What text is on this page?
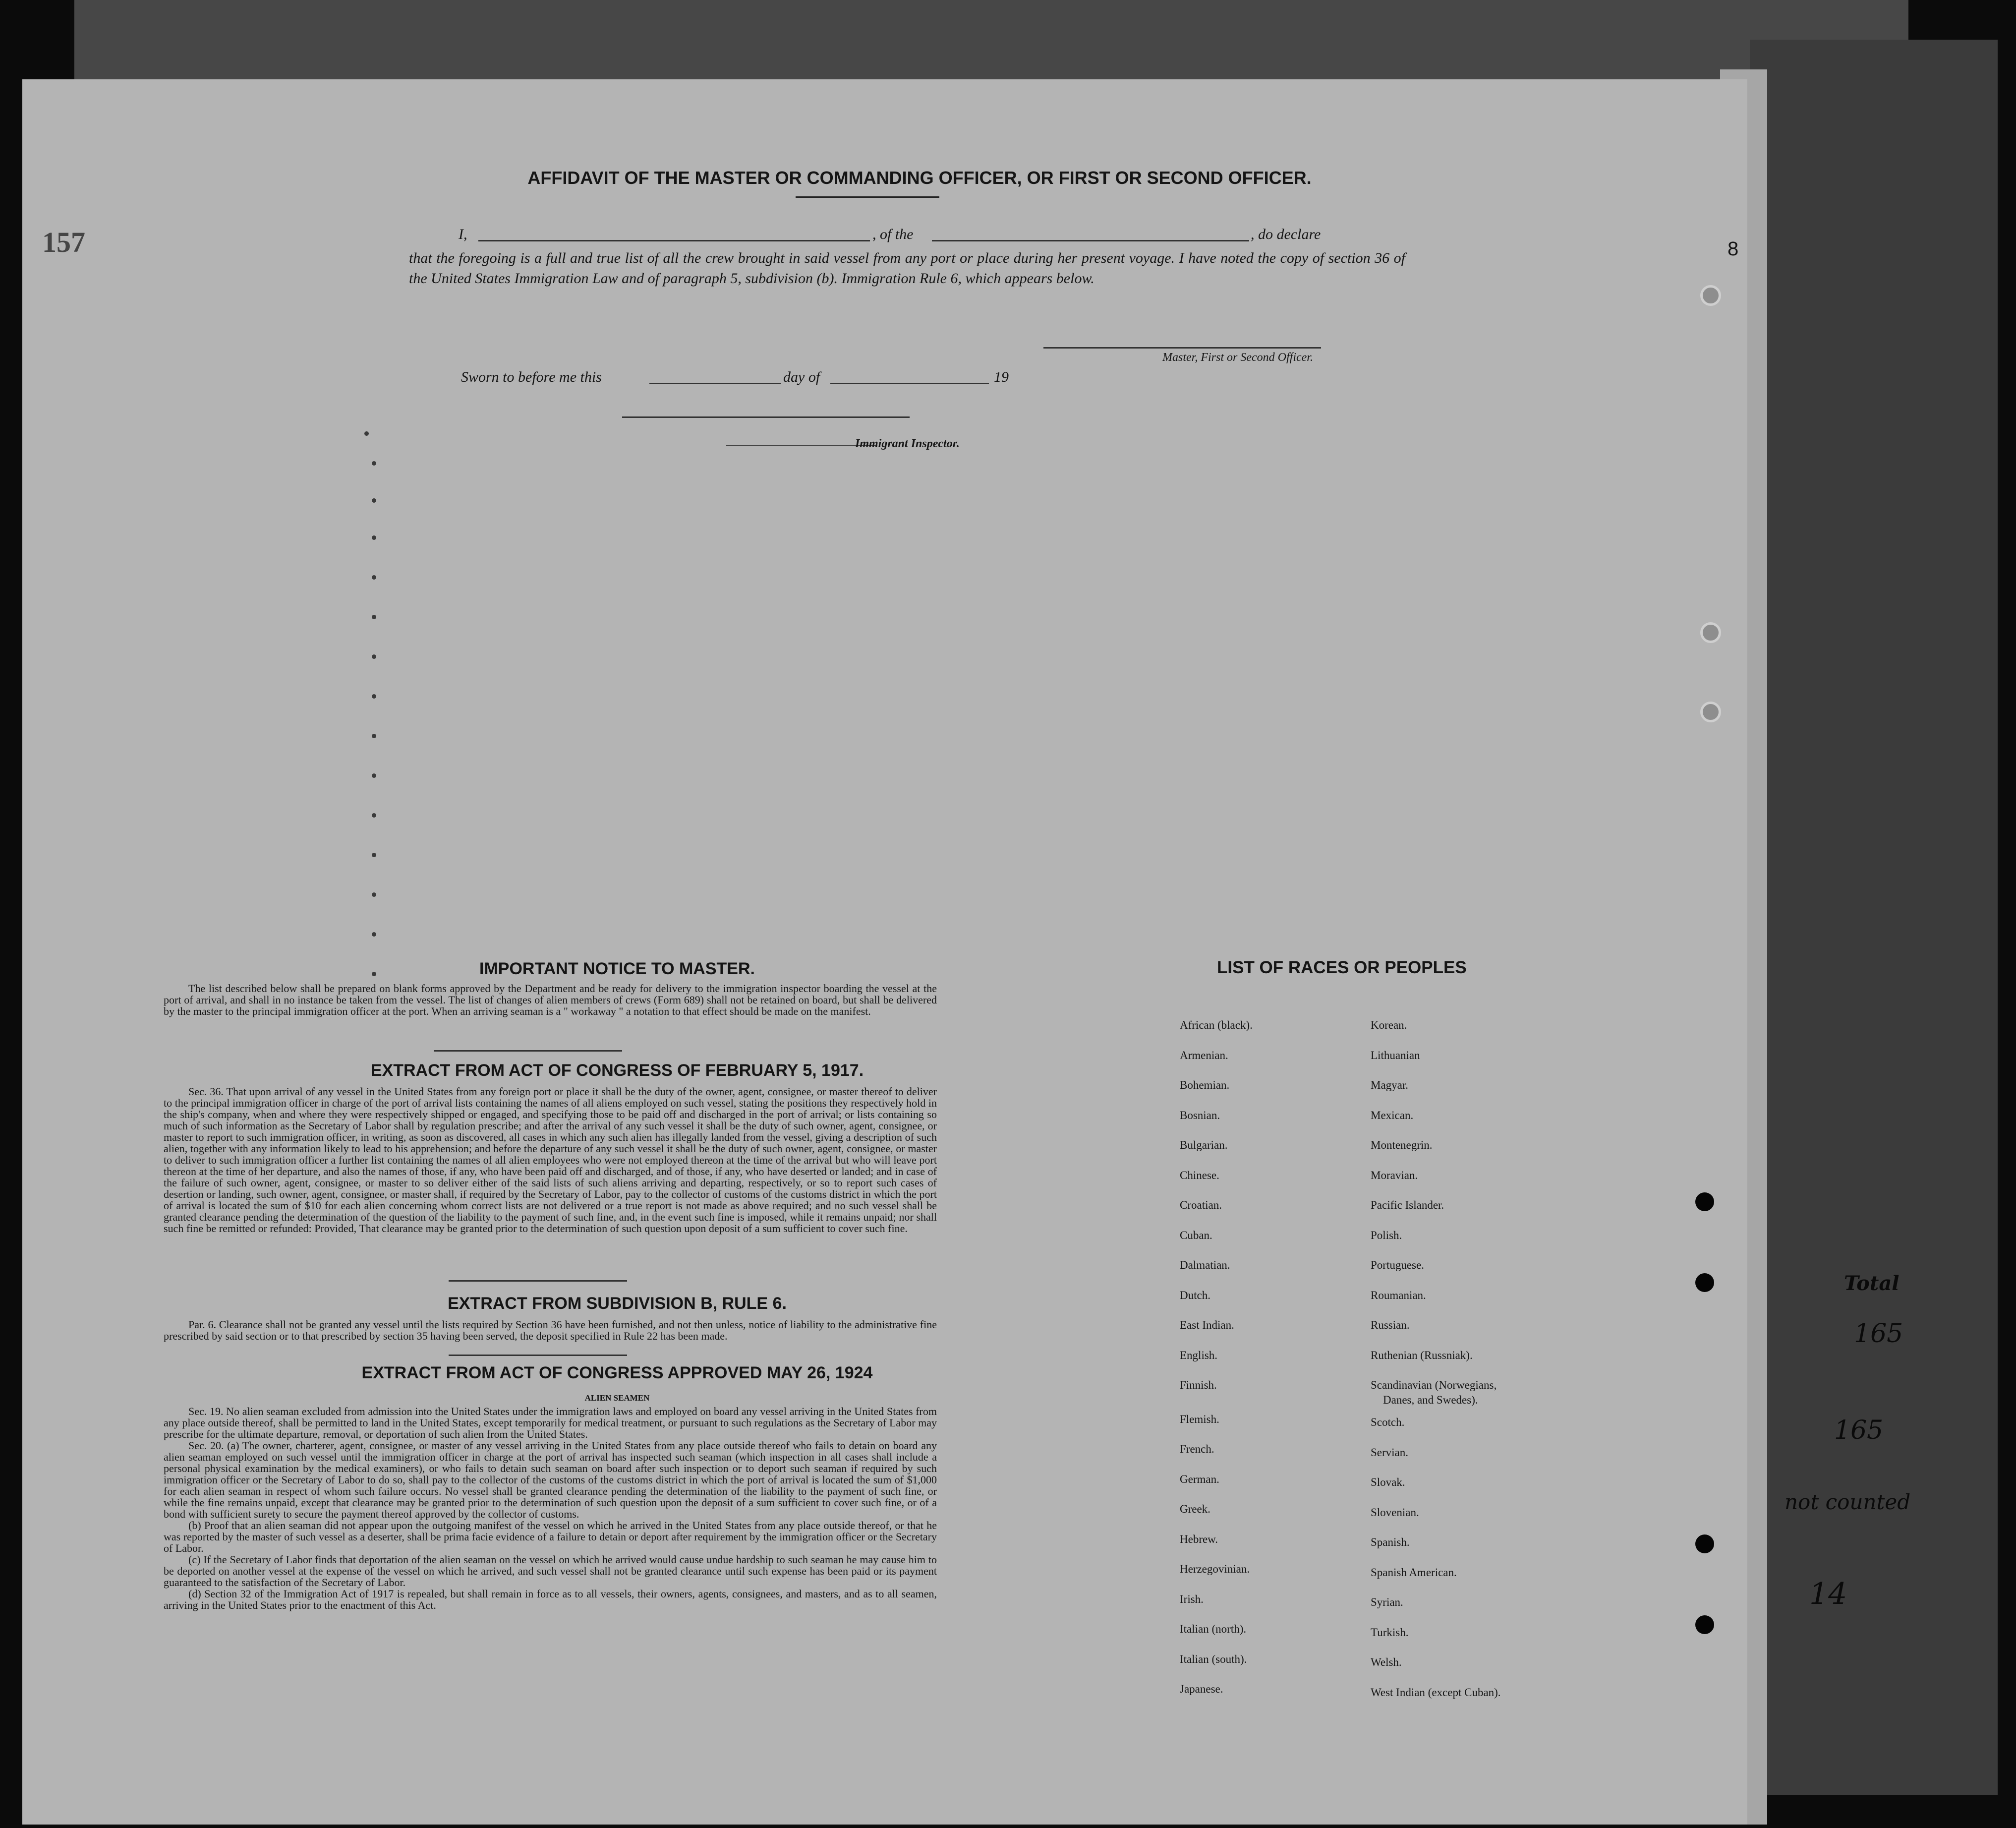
157	8
AFFIDAVIT OF THE MASTER OR COMMANDING OFFICER, OR FIRST OR SECOND OFFICER.
I,	, of the	, do declare
that the foregoing is a full and true list of all the crew brought in said vessel from any port or place during her present voyage. I have noted the copy of section 36 of the United States Immigration Law and of paragraph 5, subdivision (b). Immigration Rule 6, which appears below.
Master, First or Second Officer.
Sworn to before me this	day of	19
Immigrant Inspector.
IMPORTANT NOTICE TO MASTER.

The list described below shall be prepared on blank forms approved by the Department and be ready for delivery to the immigration inspector boarding the vessel at the port of arrival, and shall in no instance be taken from the vessel. The list of changes of alien members of crews (Form 689) shall not be retained on board, but shall be delivered by the master to the principal immigration officer at the port. When an arriving seaman is a " workaway " a notation to that effect should be made on the manifest.

EXTRACT FROM ACT OF CONGRESS OF FEBRUARY 5, 1917.

Sec. 36. That upon arrival of any vessel in the United States from any foreign port or place it shall be the duty of the owner, agent, consignee, or master thereof to deliver to the principal immigration officer in charge of the port of arrival lists containing the names of all aliens employed on such vessel, stating the positions they respectively hold in the ship's company, when and where they were respectively shipped or engaged, and specifying those to be paid off and discharged in the port of arrival; or lists containing so much of such information as the Secretary of Labor shall by regulation prescribe; and after the arrival of any such vessel it shall be the duty of such owner, agent, consignee, or master to report to such immigration officer, in writing, as soon as discovered, all cases in which any such alien has illegally landed from the vessel, giving a description of such alien, together with any information likely to lead to his apprehension; and before the departure of any such vessel it shall be the duty of such owner, agent, consignee, or master to deliver to such immigration officer a further list containing the names of all alien employees who were not employed thereon at the time of the arrival but who will leave port thereon at the time of her departure, and also the names of those, if any, who have been paid off and discharged, and of those, if any, who have deserted or landed; and in case of the failure of such owner, agent, consignee, or master to so deliver either of the said lists of such aliens arriving and departing, respectively, or so to report such cases of desertion or landing, such owner, agent, consignee, or master shall, if required by the Secretary of Labor, pay to the collector of customs of the customs district in which the port of arrival is located the sum of $10 for each alien concerning whom correct lists are not delivered or a true report is not made as above required; and no such vessel shall be granted clearance pending the determination of the question of the liability to the payment of such fine, and, in the event such fine is imposed, while it remains unpaid; nor shall such fine be remitted or refunded: Provided, That clearance may be granted prior to the determination of such question upon deposit of a sum sufficient to cover such fine.

EXTRACT FROM SUBDIVISION B, RULE 6.

Par. 6. Clearance shall not be granted any vessel until the lists required by Section 36 have been furnished, and not then unless, notice of liability to the administrative fine prescribed by said section or to that prescribed by section 35 having been served, the deposit specified in Rule 22 has been made.

EXTRACT FROM ACT OF CONGRESS APPROVED MAY 26, 1924
ALIEN SEAMEN

Sec. 19. No alien seaman excluded from admission into the United States under the immigration laws and employed on board any vessel arriving in the United States from any place outside thereof, shall be permitted to land in the United States, except temporarily for medical treatment, or pursuant to such regulations as the Secretary of Labor may prescribe for the ultimate departure, removal, or deportation of such alien from the United States.

Sec. 20. (a) The owner, charterer, agent, consignee, or master of any vessel arriving in the United States from any place outside thereof who fails to detain on board any alien seaman employed on such vessel until the immigration officer in charge at the port of arrival has inspected such seaman (which inspection in all cases shall include a personal physical examination by the medical examiners), or who fails to detain such seaman on board after such inspection or to deport such seaman if required by such immigration officer or the Secretary of Labor to do so, shall pay to the collector of the customs of the customs district in which the port of arrival is located the sum of $1,000 for each alien seaman in respect of whom such failure occurs. No vessel shall be granted clearance pending the determination of the liability to the payment of such fine, or while the fine remains unpaid, except that clearance may be granted prior to the determination of such question upon the deposit of a sum sufficient to cover such fine, or of a bond with sufficient surety to secure the payment thereof approved by the collector of customs.

(b) Proof that an alien seaman did not appear upon the outgoing manifest of the vessel on which he arrived in the United States from any place outside thereof, or that he was reported by the master of such vessel as a deserter, shall be prima facie evidence of a failure to detain or deport after requirement by the immigration officer or the Secretary of Labor.

(c) If the Secretary of Labor finds that deportation of the alien seaman on the vessel on which he arrived would cause undue hardship to such seaman he may cause him to be deported on another vessel at the expense of the vessel on which he arrived, and such vessel shall not be granted clearance until such expense has been paid or its payment guaranteed to the satisfaction of the Secretary of Labor.

(d) Section 32 of the Immigration Act of 1917 is repealed, but shall remain in force as to all vessels, their owners, agents, consignees, and masters, and as to all seamen, arriving in the United States prior to the enactment of this Act.

LIST OF RACES OR PEOPLES
African (black).
Armenian.
Bohemian.
Bosnian.
Bulgarian.
Chinese.
Croatian.
Cuban.
Dalmatian.
Dutch.
East Indian.
English.
Finnish.
Flemish.
French.
German.
Greek.
Hebrew.
Herzegovinian.
Irish.
Italian (north).
Italian (south).
Japanese.
Korean.
Lithuanian
Magyar.
Mexican.
Montenegrin.
Moravian.
Pacific Islander.
Polish.
Portuguese.
Roumanian.
Russian.
Ruthenian (Russniak).
Scandinavian (Norwegians,
Danes, and Swedes).
Scotch.
Servian.
Slovak.
Slovenian.
Spanish.
Spanish American.
Syrian.
Turkish.
Welsh.
West Indian (except Cuban).
Total
165
165
not counted
14
